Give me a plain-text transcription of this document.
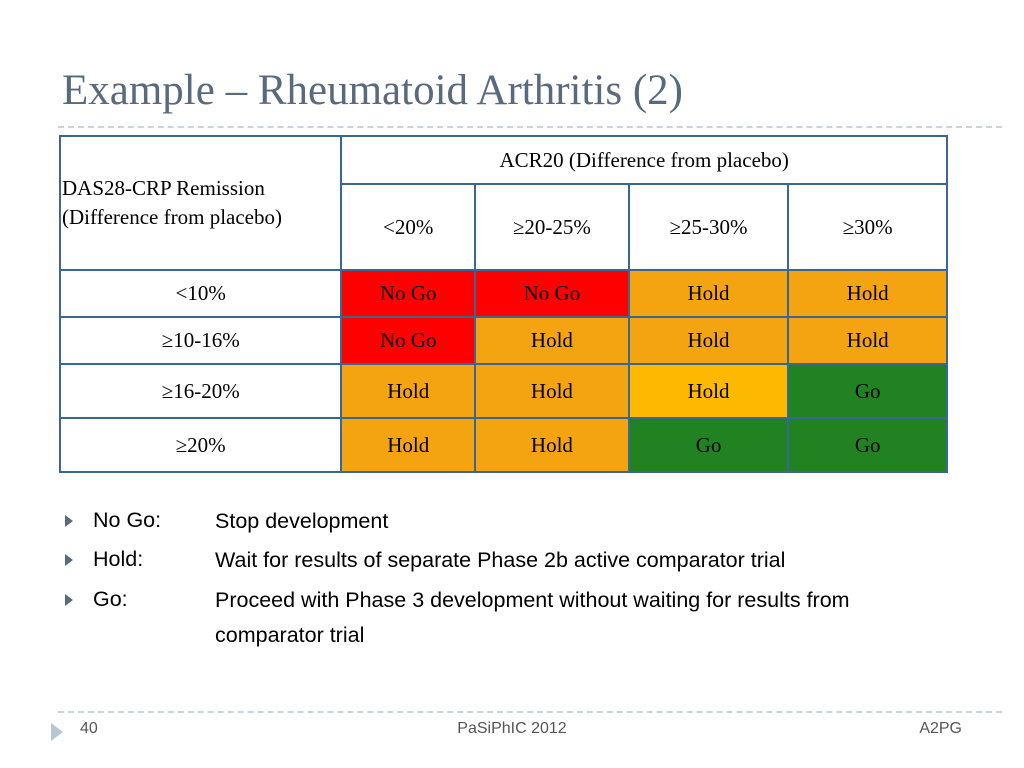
Example – Rheumatoid Arthritis (2)
DAS28-CRP Remission (Difference from placebo)	ACR20 (Difference from placebo)			
	<20%	≥20-25%	≥25-30%	≥30%
<10%	No Go	No Go	Hold	Hold
≥10-16%	No Go	Hold	Hold	Hold
≥16-20%	Hold	Hold	Hold	Go
≥20%	Hold	Hold	Go	Go
No Go:	Stop development
Hold:	Wait for results of separate Phase 2b active comparator trial
Go:	Proceed with Phase 3 development without waiting for results from comparator trial
40	PaSiPhIC 2012	A2PG
